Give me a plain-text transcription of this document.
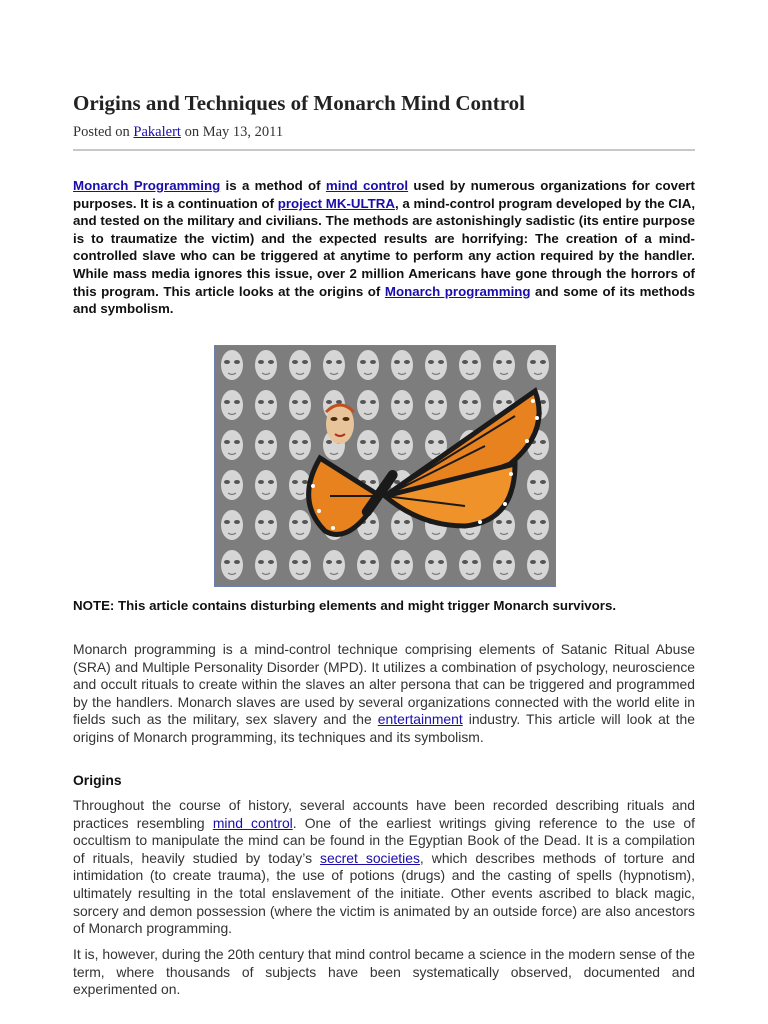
Origins and Techniques of Monarch Mind Control
Posted on Pakalert on May 13, 2011
Monarch Programming is a method of mind control used by numerous organizations for covert purposes. It is a continuation of project MK-ULTRA, a mind-control program developed by the CIA, and tested on the military and civilians. The methods are astonishingly sadistic (its entire purpose is to traumatize the victim) and the expected results are horrifying: The creation of a mind-controlled slave who can be triggered at anytime to perform any action required by the handler. While mass media ignores this issue, over 2 million Americans have gone through the horrors of this program. This article looks at the origins of Monarch programming and some of its methods and symbolism.
NOTE: This article contains disturbing elements and might trigger Monarch survivors.

Monarch programming is a mind-control technique comprising elements of Satanic Ritual Abuse (SRA) and Multiple Personality Disorder (MPD). It utilizes a combination of psychology, neuroscience and occult rituals to create within the slaves an alter persona that can be triggered and programmed by the handlers. Monarch slaves are used by several organizations connected with the world elite in fields such as the military, sex slavery and the entertainment industry. This article will look at the origins of Monarch programming, its techniques and its symbolism.

Origins

Throughout the course of history, several accounts have been recorded describing rituals and practices resembling mind control. One of the earliest writings giving reference to the use of occultism to manipulate the mind can be found in the Egyptian Book of the Dead. It is a compilation of rituals, heavily studied by today’s secret societies, which describes methods of torture and intimidation (to create trauma), the use of potions (drugs) and the casting of spells (hypnotism), ultimately resulting in the total enslavement of the initiate. Other events ascribed to black magic, sorcery and demon possession (where the victim is animated by an outside force) are also ancestors of Monarch programming.

It is, however, during the 20th century that mind control became a science in the modern sense of the term, where thousands of subjects have been systematically observed, documented and experimented on.
